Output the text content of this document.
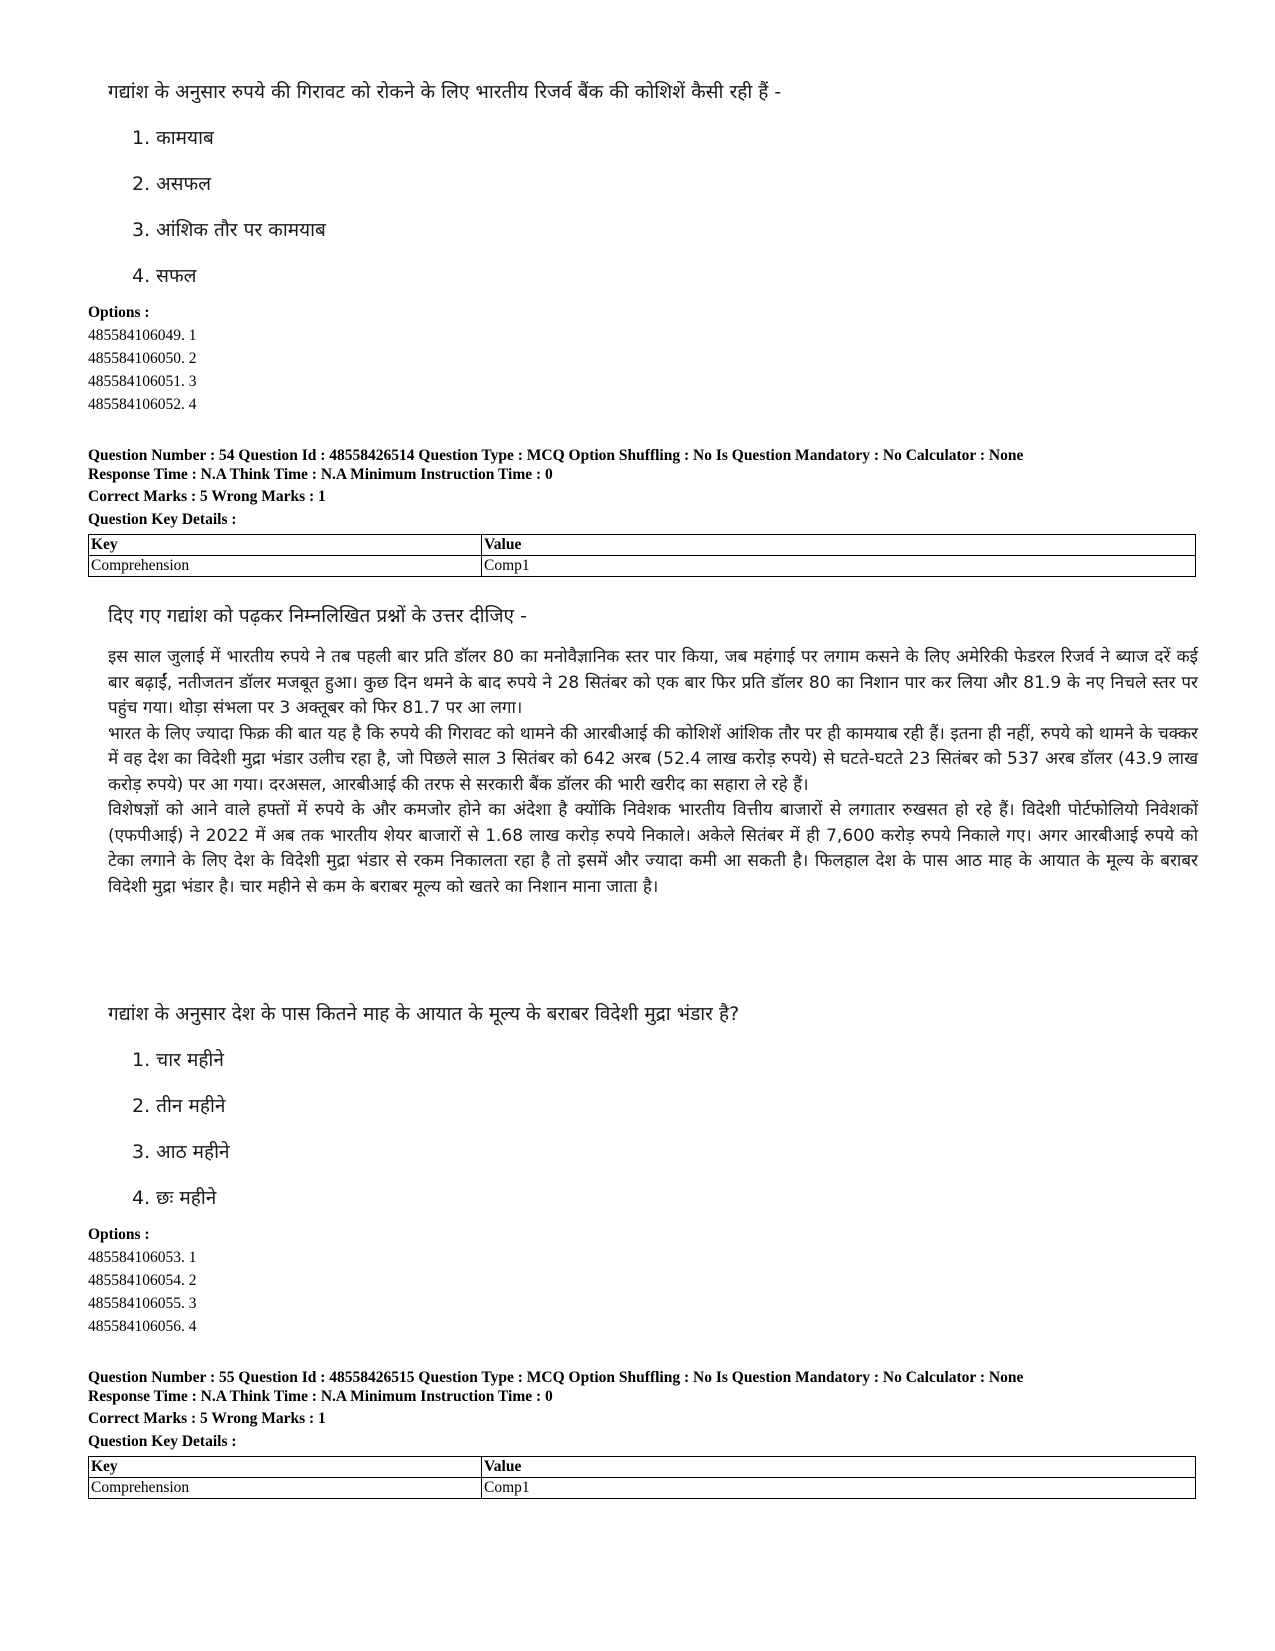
गद्यांश के अनुसार रुपये की गिरावट को रोकने के लिए भारतीय रिजर्व बैंक की कोशिशें कैसी रही हैं -
1. कामयाब
2. असफल
3. आंशिक तौर पर कामयाब
4. सफल
Options :
485584106049. 1
485584106050. 2
485584106051. 3
485584106052. 4
Question Number : 54 Question Id : 48558426514 Question Type : MCQ Option Shuffling : No Is Question Mandatory : No Calculator : None
Response Time : N.A Think Time : N.A Minimum Instruction Time : 0
Correct Marks : 5 Wrong Marks : 1
Question Key Details :
Key	Value
Comprehension	Comp1
दिए गए गद्यांश को पढ़कर निम्नलिखित प्रश्नों के उत्तर दीजिए -

इस साल जुलाई में भारतीय रुपये ने तब पहली बार प्रति डॉलर 80 का मनोवैज्ञानिक स्तर पार किया, जब महंगाई पर लगाम कसने के लिए अमेरिकी फेडरल रिजर्व ने ब्याज दरें कई बार बढ़ाईं, नतीजतन डॉलर मजबूत हुआ। कुछ दिन थमने के बाद रुपये ने 28 सितंबर को एक बार फिर प्रति डॉलर 80 का निशान पार कर लिया और 81.9 के नए निचले स्तर पर पहुंच गया। थोड़ा संभला पर 3 अक्तूबर को फिर 81.7 पर आ लगा।

भारत के लिए ज्यादा फिक्र की बात यह है कि रुपये की गिरावट को थामने की आरबीआई की कोशिशें आंशिक तौर पर ही कामयाब रही हैं। इतना ही नहीं, रुपये को थामने के चक्कर में वह देश का विदेशी मुद्रा भंडार उलीच रहा है, जो पिछले साल 3 सितंबर को 642 अरब (52.4 लाख करोड़ रुपये) से घटते-घटते 23 सितंबर को 537 अरब डॉलर (43.9 लाख करोड़ रुपये) पर आ गया। दरअसल, आरबीआई की तरफ से सरकारी बैंक डॉलर की भारी खरीद का सहारा ले रहे हैं।

विशेषज्ञों को आने वाले हफ्तों में रुपये के और कमजोर होने का अंदेशा है क्योंकि निवेशक भारतीय वित्तीय बाजारों से लगातार रुखसत हो रहे हैं। विदेशी पोर्टफोलियो निवेशकों (एफपीआई) ने 2022 में अब तक भारतीय शेयर बाजारों से 1.68 लाख करोड़ रुपये निकाले। अकेले सितंबर में ही 7,600 करोड़ रुपये निकाले गए। अगर आरबीआई रुपये को टेका लगाने के लिए देश के विदेशी मुद्रा भंडार से रकम निकालता रहा है तो इसमें और ज्यादा कमी आ सकती है। फिलहाल देश के पास आठ माह के आयात के मूल्य के बराबर विदेशी मुद्रा भंडार है। चार महीने से कम के बराबर मूल्य को खतरे का निशान माना जाता है।

गद्यांश के अनुसार देश के पास कितने माह के आयात के मूल्य के बराबर विदेशी मुद्रा भंडार है?
1. चार महीने
2. तीन महीने
3. आठ महीने
4. छः महीने
Options :
485584106053. 1
485584106054. 2
485584106055. 3
485584106056. 4
Question Number : 55 Question Id : 48558426515 Question Type : MCQ Option Shuffling : No Is Question Mandatory : No Calculator : None
Response Time : N.A Think Time : N.A Minimum Instruction Time : 0
Correct Marks : 5 Wrong Marks : 1
Question Key Details :
Key	Value
Comprehension	Comp1
